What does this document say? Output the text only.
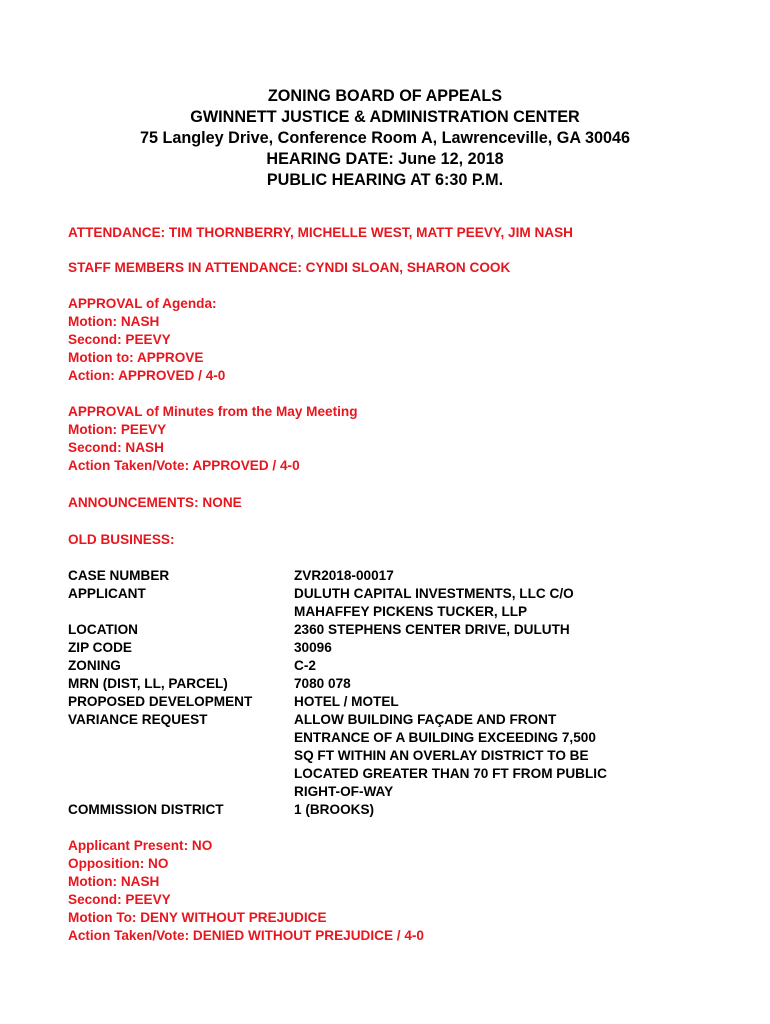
ZONING BOARD OF APPEALS
GWINNETT JUSTICE & ADMINISTRATION CENTER
75 Langley Drive, Conference Room A, Lawrenceville, GA 30046
HEARING DATE: June 12, 2018
PUBLIC HEARING AT 6:30 P.M.
ATTENDANCE: TIM THORNBERRY, MICHELLE WEST, MATT PEEVY, JIM NASH
STAFF MEMBERS IN ATTENDANCE: CYNDI SLOAN, SHARON COOK
APPROVAL of Agenda:
Motion: NASH
Second: PEEVY
Motion to: APPROVE
Action: APPROVED / 4-0
APPROVAL of Minutes from the May Meeting
Motion: PEEVY
Second: NASH
Action Taken/Vote: APPROVED / 4-0
ANNOUNCEMENTS: NONE
OLD BUSINESS:
CASE NUMBER	ZVR2018-00017
APPLICANT	DULUTH CAPITAL INVESTMENTS, LLC C/O
MAHAFFEY PICKENS TUCKER, LLP
LOCATION	2360 STEPHENS CENTER DRIVE, DULUTH
ZIP CODE	30096
ZONING	C-2
MRN (DIST, LL, PARCEL)	7080 078
PROPOSED DEVELOPMENT	HOTEL / MOTEL
VARIANCE REQUEST	ALLOW BUILDING FAÇADE AND FRONT
ENTRANCE OF A BUILDING EXCEEDING 7,500
SQ FT WITHIN AN OVERLAY DISTRICT TO BE
LOCATED GREATER THAN 70 FT FROM PUBLIC
RIGHT-OF-WAY
COMMISSION DISTRICT	1 (BROOKS)
Applicant Present: NO
Opposition: NO
Motion: NASH
Second: PEEVY
Motion To: DENY WITHOUT PREJUDICE
Action Taken/Vote: DENIED WITHOUT PREJUDICE / 4-0
